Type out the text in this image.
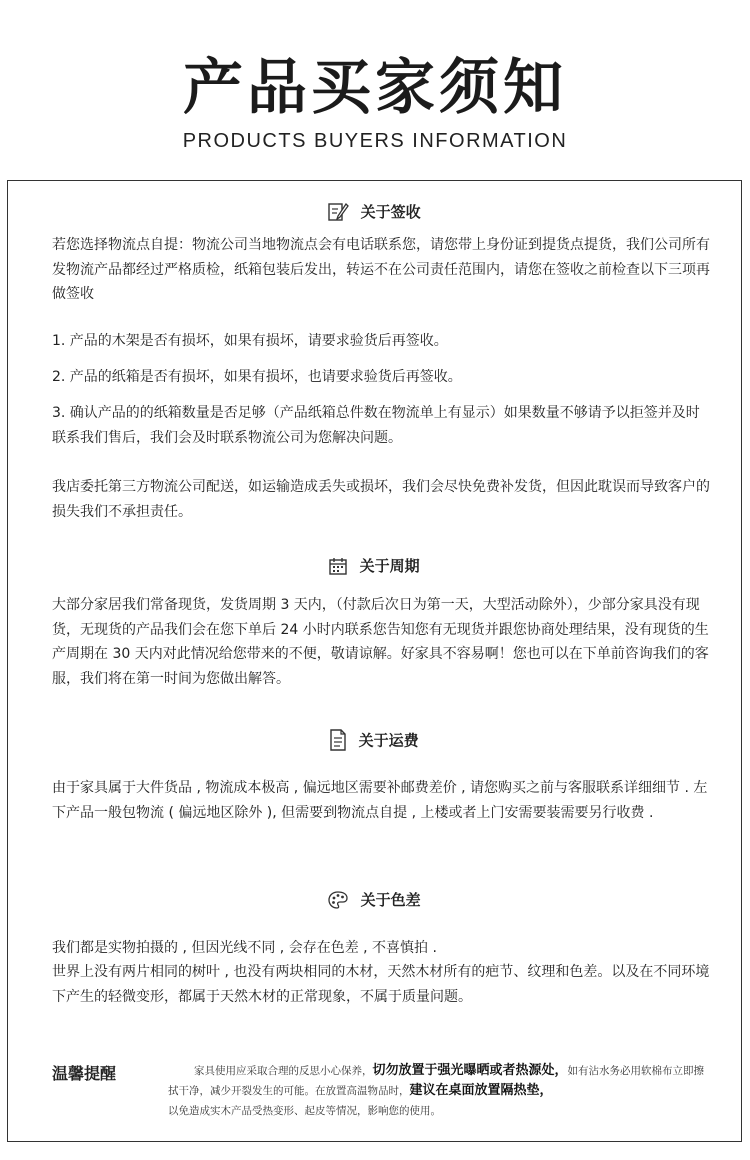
产品买家须知
PRODUCTS BUYERS INFORMATION
关于签收
若您选择物流点自提：物流公司当地物流点会有电话联系您，请您带上身份证到提货点提货，我们公司所有发物流产品都经过严格质检，纸箱包装后发出，转运不在公司责任范围内，请您在签收之前检查以下三项再做签收
1. 产品的木架是否有损坏，如果有损坏，请要求验货后再签收。
2. 产品的纸箱是否有损坏，如果有损坏，也请要求验货后再签收。
3. 确认产品的的纸箱数量是否足够（产品纸箱总件数在物流单上有显示）如果数量不够请予以拒签并及时联系我们售后，我们会及时联系物流公司为您解决问题。
我店委托第三方物流公司配送，如运输造成丢失或损坏，我们会尽快免费补发货，但因此耽误而导致客户的损失我们不承担责任。
关于周期
大部分家居我们常备现货，发货周期 3 天内，（付款后次日为第一天，大型活动除外），少部分家具没有现货，无现货的产品我们会在您下单后 24 小时内联系您告知您有无现货并跟您协商处理结果，没有现货的生产周期在 30 天内对此情况给您带来的不便，敬请谅解。好家具不容易啊！您也可以在下单前咨询我们的客服，我们将在第一时间为您做出解答。
关于运费
由于家具属于大件货品 , 物流成本极高 , 偏远地区需要补邮费差价 , 请您购买之前与客服联系详细细节 . 左下产品一般包物流 ( 偏远地区除外 ), 但需要到物流点自提 , 上楼或者上门安需要装需要另行收费 .
关于色差
我们都是实物拍摄的 , 但因光线不同 , 会存在色差 , 不喜慎拍 .
世界上没有两片相同的树叶 , 也没有两块相同的木材，天然木材所有的疤节、纹理和色差。以及在不同环境下产生的轻微变形，都属于天然木材的正常现象，不属于质量问题。
温馨提醒	家具使用应采取合理的反思小心保养，切勿放置于强光曝晒或者热源处，如有沾水务必用软棉布立即擦拭干净，减少开裂发生的可能。在放置高温物品时，建议在桌面放置隔热垫，
以免造成实木产品受热变形、起皮等情况，影响您的使用。
